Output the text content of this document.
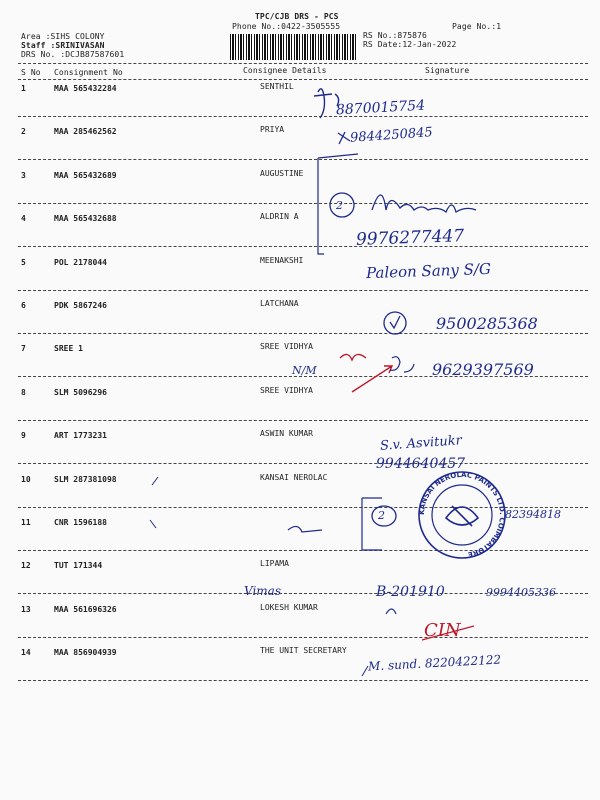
TPC/CJB DRS - PCS
Phone No.:0422-3505555	Page No.:1
Area :SIHS COLONY
Staff :SRINIVASAN
DRS No. :DCJB87587601
RS No.:875876
RS Date:12-Jan-2022
S No Consignment No	Consignee Details	Signature
1	MAA 565432284	SENTHIL
2	MAA 285462562	PRIYA
3	MAA 565432689	AUGUSTINE
4	MAA 565432688	ALDRIN A
5	POL 2178044	MEENAKSHI
6	PDK 5867246	LATCHANA
7	SREE 1	SREE VIDHYA
8	SLM 5096296	SREE VIDHYA
9	ART 1773231	ASWIN KUMAR
10	SLM 287381098	KANSAI NEROLAC
11	CNR 1596188
12	TUT 171344	LIPAMA
13	MAA 561696326	LOKESH KUMAR
14	MAA 856904939	THE UNIT SECRETARY
KANSAI NEROLAC PAINTS LTD. COIMBATORE
8870015754
9844250845
2
9976277447
Paleon Sany S/G
9500285368
N/M	9629397569
S.v. Asvitukr
9944640457
2	82394818
Vimas	B-201910	9994405336
CIN
M. sund. 8220422122
